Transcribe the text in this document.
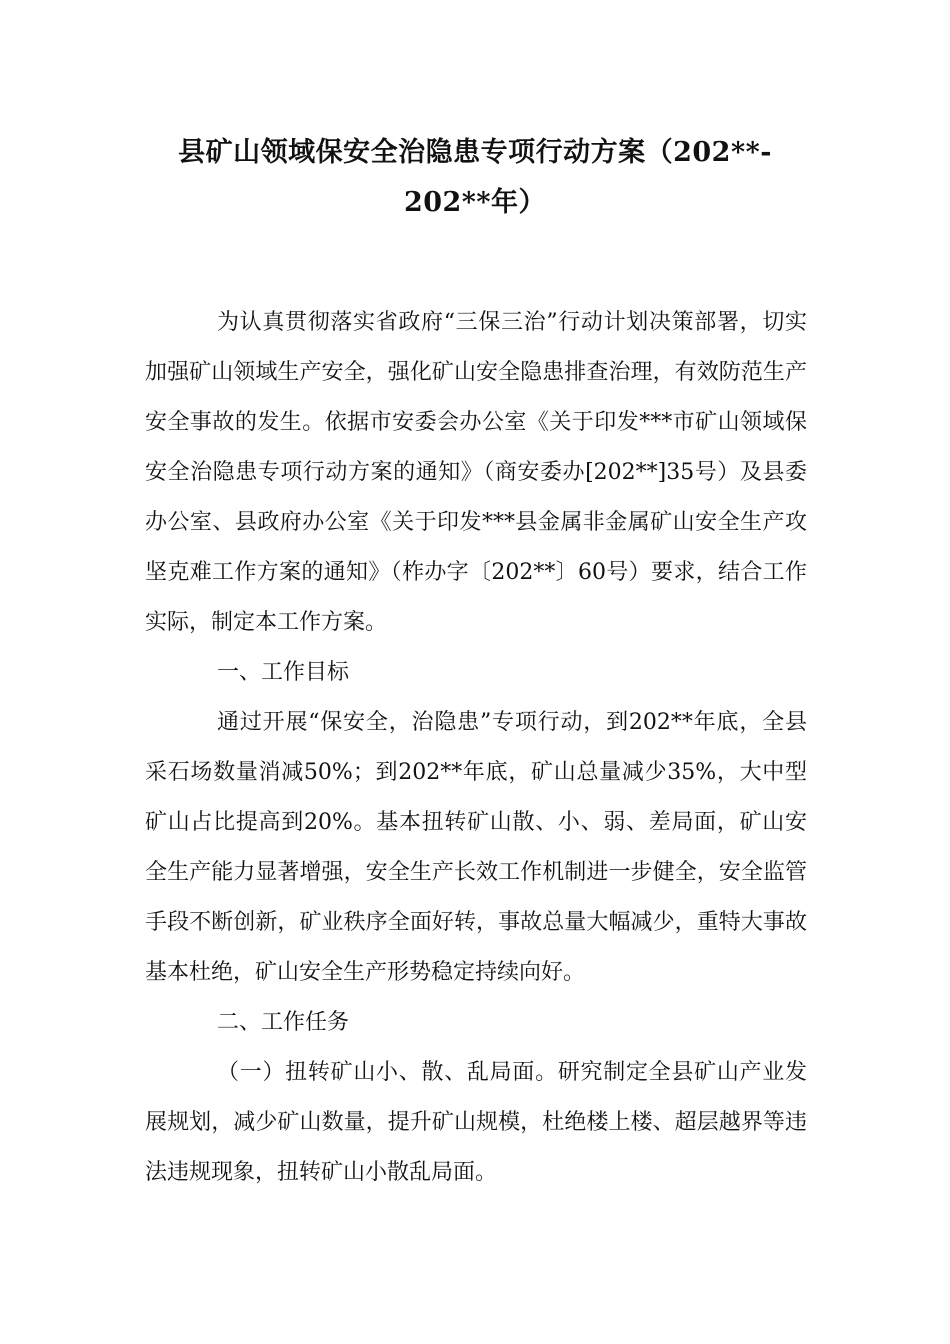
县矿山领域保安全治隐患专项行动方案（202**-
202**年）

为认真贯彻落实省政府“三保三治”行动计划决策部署，切实加强矿山领域生产安全，强化矿山安全隐患排查治理，有效防范生产安全事故的发生。依据市安委会办公室《关于印发***市矿山领域保安全治隐患专项行动方案的通知》（商安委办[202**]35号）及县委办公室、县政府办公室《关于印发***县金属非金属矿山安全生产攻坚克难工作方案的通知》（柞办字〔202**〕60号）要求，结合工作实际，制定本工作方案。

一、工作目标

通过开展“保安全，治隐患”专项行动，到202**年底，全县采石场数量消减50%；到202**年底，矿山总量减少35%，大中型矿山占比提高到20%。基本扭转矿山散、小、弱、差局面，矿山安全生产能力显著增强，安全生产长效工作机制进一步健全，安全监管手段不断创新，矿业秩序全面好转，事故总量大幅减少，重特大事故基本杜绝，矿山安全生产形势稳定持续向好。

二、工作任务

（一）扭转矿山小、散、乱局面。研究制定全县矿山产业发展规划，减少矿山数量，提升矿山规模，杜绝楼上楼、超层越界等违法违规现象，扭转矿山小散乱局面。
